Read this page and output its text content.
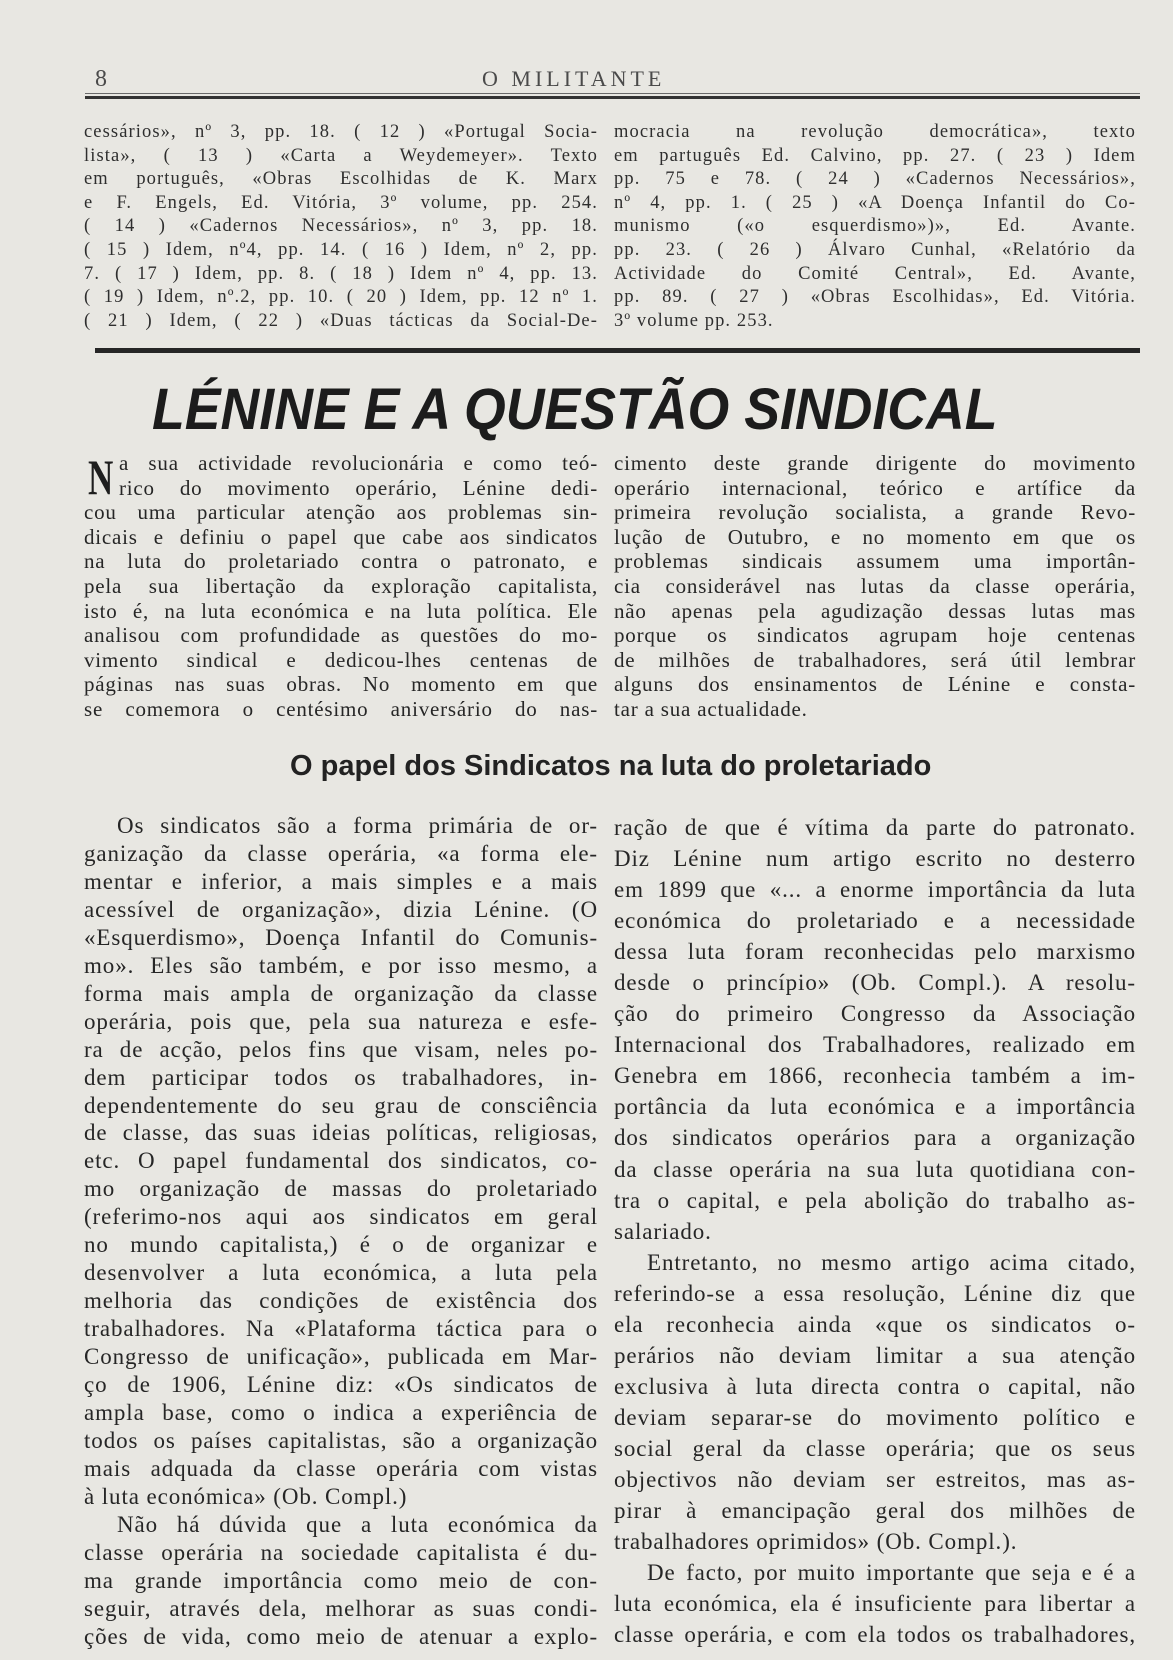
8	O MILITANTE
cessários», nº 3, pp. 18. ( 12 ) «Portugal Socia-
lista», ( 13 ) «Carta a Weydemeyer». Texto
em português, «Obras Escolhidas de K. Marx
e F. Engels, Ed. Vitória, 3º volume, pp. 254.
( 14 ) «Cadernos Necessários», nº 3, pp. 18.
( 15 ) Idem, nº4, pp. 14. ( 16 ) Idem, nº 2, pp.
7. ( 17 ) Idem, pp. 8. ( 18 ) Idem nº 4, pp. 13.
( 19 ) Idem, nº.2, pp. 10. ( 20 ) Idem, pp. 12 nº 1.
( 21 ) Idem, ( 22 ) «Duas tácticas da Social-De-
mocracia na revolução democrática», texto
em partuguês Ed. Calvino, pp. 27. ( 23 ) Idem
pp. 75 e 78. ( 24 ) «Cadernos Necessários»,
nº 4, pp. 1. ( 25 ) «A Doença Infantil do Co-
munismo («o esquerdismo»)», Ed. Avante.
pp. 23. ( 26 ) Álvaro Cunhal, «Relatório da
Actividade do Comité Central», Ed. Avante,
pp. 89. ( 27 ) «Obras Escolhidas», Ed. Vitória.
3º volume pp. 253.
LÉNINE E A QUESTÃO SINDICAL
N a sua actividade revolucionária e como teó-
rico do movimento operário, Lénine dedi-
cou uma particular atenção aos problemas sin-
dicais e definiu o papel que cabe aos sindicatos
na luta do proletariado contra o patronato, e
pela sua libertação da exploração capitalista,
isto é, na luta económica e na luta política. Ele
analisou com profundidade as questões do mo-
vimento sindical e dedicou-lhes centenas de
páginas nas suas obras. No momento em que
se comemora o centésimo aniversário do nas-
cimento deste grande dirigente do movimento
operário internacional, teórico e artífice da
primeira revolução socialista, a grande Revo-
lução de Outubro, e no momento em que os
problemas sindicais assumem uma importân-
cia considerável nas lutas da classe operária,
não apenas pela agudização dessas lutas mas
porque os sindicatos agrupam hoje centenas
de milhões de trabalhadores, será útil lembrar
alguns dos ensinamentos de Lénine e consta-
tar a sua actualidade.
O papel dos Sindicatos na luta do proletariado
Os sindicatos são a forma primária de or-
ganização da classe operária, «a forma ele-
mentar e inferior, a mais simples e a mais
acessível de organização», dizia Lénine. (O
«Esquerdismo», Doença Infantil do Comunis-
mo». Eles são também, e por isso mesmo, a
forma mais ampla de organização da classe
operária, pois que, pela sua natureza e esfe-
ra de acção, pelos fins que visam, neles po-
dem participar todos os trabalhadores, in-
dependentemente do seu grau de consciência
de classe, das suas ideias políticas, religiosas,
etc. O papel fundamental dos sindicatos, co-
mo organização de massas do proletariado
(referimo-nos aqui aos sindicatos em geral
no mundo capitalista,) é o de organizar e
desenvolver a luta económica, a luta pela
melhoria das condições de existência dos
trabalhadores. Na «Plataforma táctica para o
Congresso de unificação», publicada em Mar-
ço de 1906, Lénine diz: «Os sindicatos de
ampla base, como o indica a experiência de
todos os países capitalistas, são a organização
mais adquada da classe operária com vistas
à luta económica» (Ob. Compl.)
Não há dúvida que a luta económica da
classe operária na sociedade capitalista é du-
ma grande importância como meio de con-
seguir, através dela, melhorar as suas condi-
ções de vida, como meio de atenuar a explo-
ração de que é vítima da parte do patronato.
Diz Lénine num artigo escrito no desterro
em 1899 que «... a enorme importância da luta
económica do proletariado e a necessidade
dessa luta foram reconhecidas pelo marxismo
desde o princípio» (Ob. Compl.). A resolu-
ção do primeiro Congresso da Associação
Internacional dos Trabalhadores, realizado em
Genebra em 1866, reconhecia também a im-
portância da luta económica e a importância
dos sindicatos operários para a organização
da classe operária na sua luta quotidiana con-
tra o capital, e pela abolição do trabalho as-
salariado.
Entretanto, no mesmo artigo acima citado,
referindo-se a essa resolução, Lénine diz que
ela reconhecia ainda «que os sindicatos o-
perários não deviam limitar a sua atenção
exclusiva à luta directa contra o capital, não
deviam separar-se do movimento político e
social geral da classe operária; que os seus
objectivos não deviam ser estreitos, mas as-
pirar à emancipação geral dos milhões de
trabalhadores oprimidos» (Ob. Compl.).
De facto, por muito importante que seja e é a
luta económica, ela é insuficiente para libertar a
classe operária, e com ela todos os trabalhadores,
